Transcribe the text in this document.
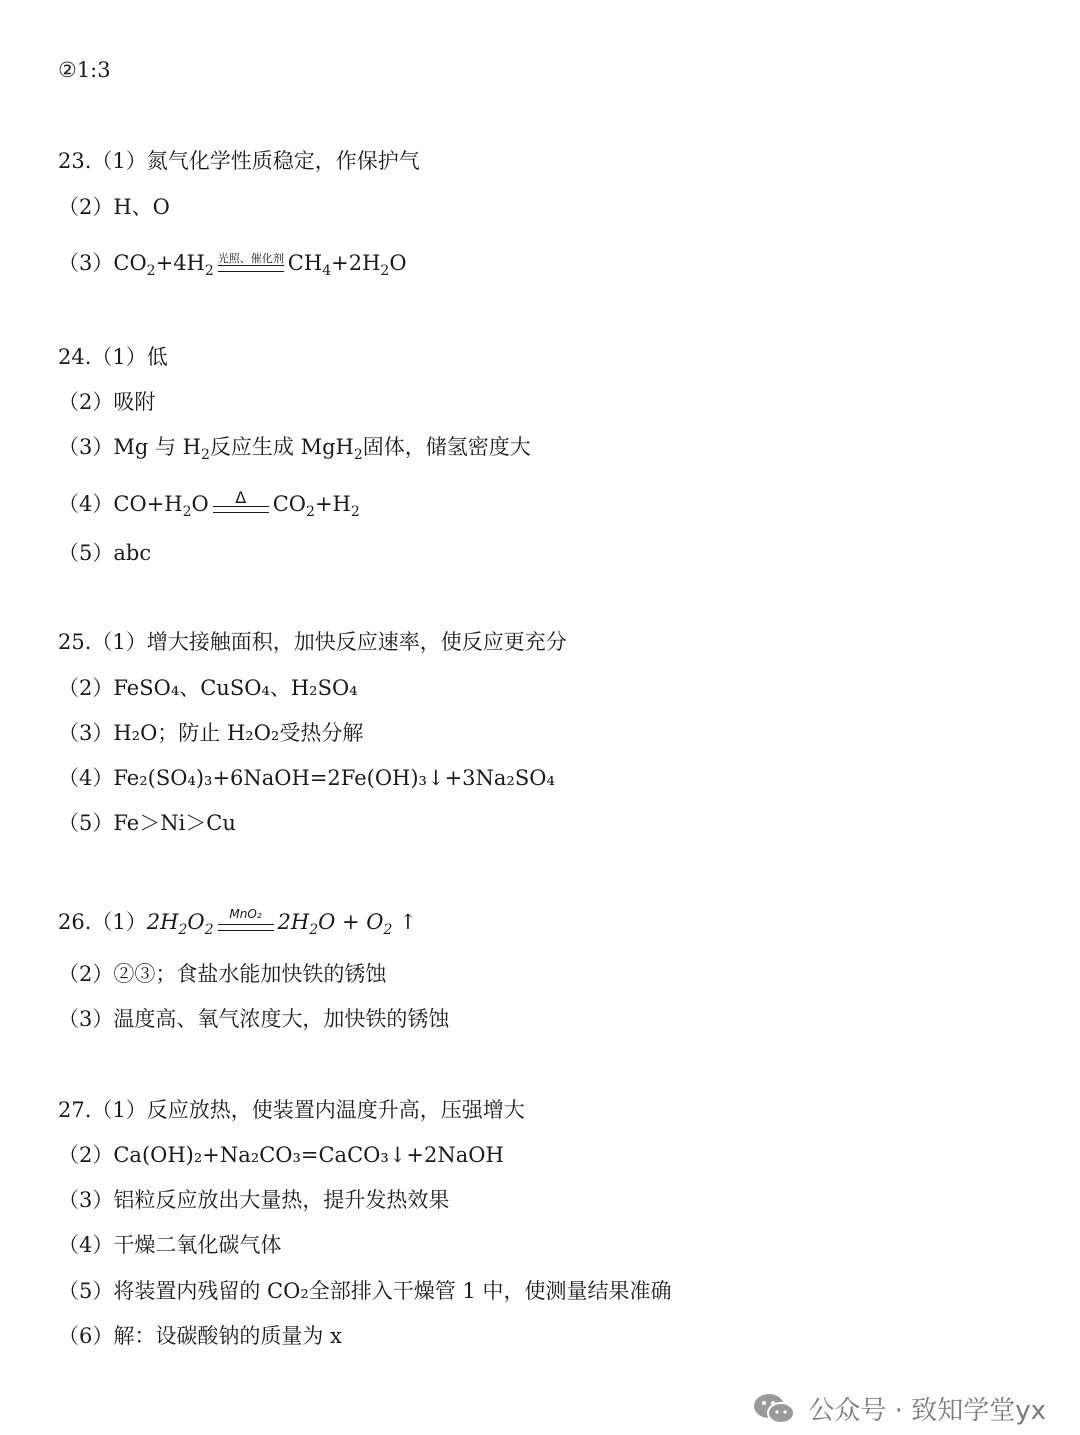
②1:3
23.（1）氮气化学性质稳定，作保护气
（2）H、O
$(3)CO_2+4H_2$
光照、催化剂 $CH_4+2H_2O$
24.（1）低
（2）吸附
（3）Mg 与 $H_2$反应生成 MgH$_2$固体，储氢密度大
$(4)CO+H_2O$	Δ	$CO_2+H_2$
（5）abc
25.（1）增大接触面积，加快反应速率，使反应更充分
（2）FeSO₄、CuSO₄、H₂SO₄
（3）H₂O；防止 H₂O₂受热分解
（4）Fe₂(SO₄)₃+6NaOH=2Fe(OH)₃↓+3Na₂SO₄
（5）Fe＞Ni＞Cu
$26.(1)2H_2O_2$
MnO₂ $2H_2O + O_2$ ↑
（2）②③；食盐水能加快铁的锈蚀
（3）温度高、氧气浓度大，加快铁的锈蚀
27.（1）反应放热，使装置内温度升高，压强增大
（2）Ca(OH)₂+Na₂CO₃=CaCO₃↓+2NaOH
（3）铝粒反应放出大量热，提升发热效果
（4）干燥二氧化碳气体
（5）将装置内残留的 CO₂全部排入干燥管 1 中，使测量结果准确
（6）解：设碳酸钠的质量为 x
公众号 · 致知学堂yx
